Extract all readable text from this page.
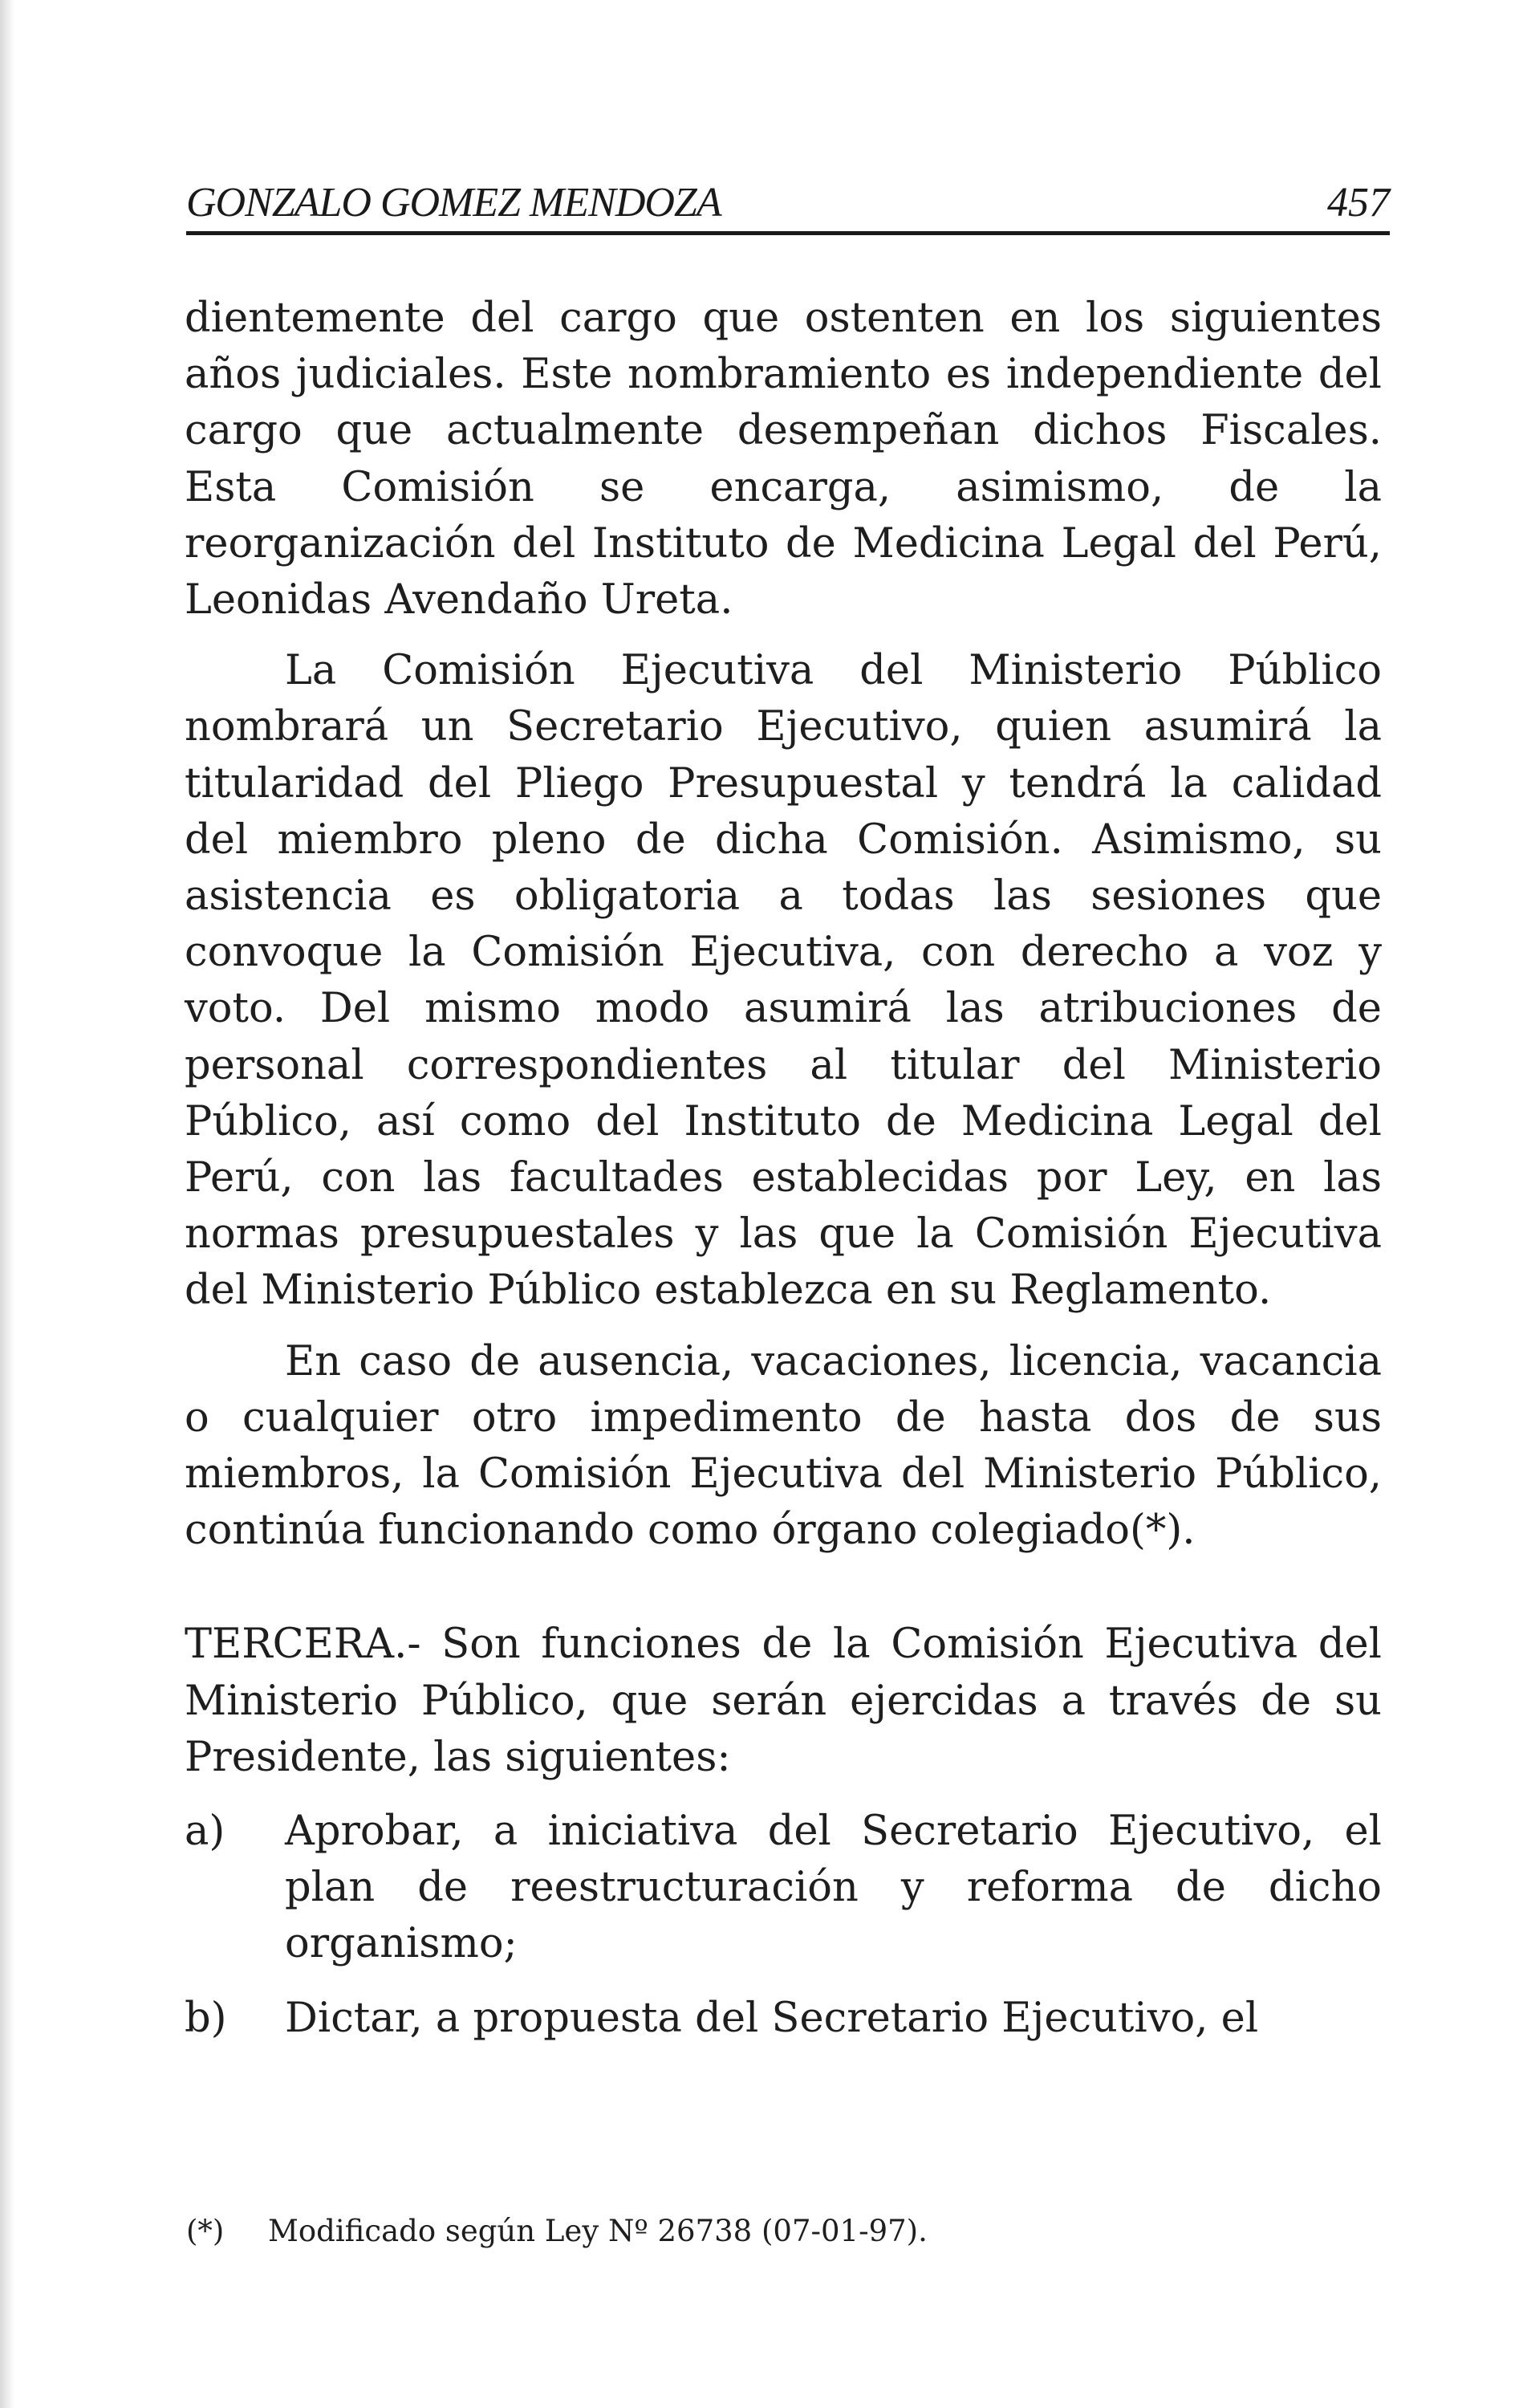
GONZALO GOMEZ MENDOZA	457

dientemente del cargo que ostenten en los siguientes años judiciales. Este nombramiento es independiente del cargo que actualmente desempeñan dichos Fiscales. Esta Comisión se encarga, asimismo, de la reorganización del Instituto de Medicina Legal del Perú, Leonidas Avendaño Ureta.

La Comisión Ejecutiva del Ministerio Público nombrará un Secretario Ejecutivo, quien asumirá la titularidad del Pliego Presupuestal y tendrá la calidad del miembro pleno de dicha Comisión. Asimismo, su asistencia es obligatoria a todas las sesiones que convoque la Comisión Ejecutiva, con derecho a voz y voto. Del mismo modo asumirá las atribuciones de personal correspondientes al titular del Ministerio Público, así como del Instituto de Medicina Legal del Perú, con las facultades establecidas por Ley, en las normas presupuestales y las que la Comisión Ejecutiva del Ministerio Público establezca en su Reglamento.

En caso de ausencia, vacaciones, licencia, vacancia o cualquier otro impedimento de hasta dos de sus miembros, la Comisión Ejecutiva del Ministerio Público, continúa funcionando como órgano colegiado(*).

TERCERA.- Son funciones de la Comisión Ejecutiva del Ministerio Público, que serán ejercidas a través de su Presidente, las siguientes:

a)	Aprobar, a iniciativa del Secretario Ejecutivo, el plan de reestructuración y reforma de dicho organismo;
b)	Dictar, a propuesta del Secretario Ejecutivo, el
(*)	Modificado según Ley Nº 26738 (07-01-97).
